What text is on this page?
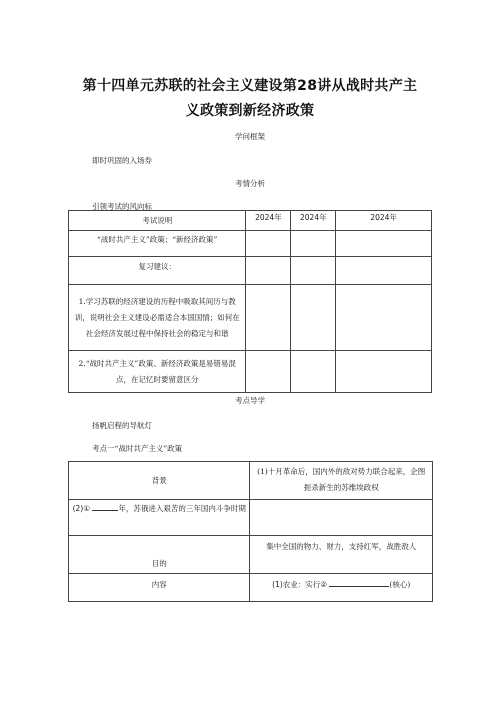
第十四单元苏联的社会主义建设第28讲从战时共产主
义政策到新经济政策
学问框架
即时巩固的入场券
考情分析
引领考试的风向标
考试说明	2024年	2024年	2024年
“战时共产主义”政策；“新经济政策”			
复习建议：			
1.学习苏联的经济建设的历程中吸取其间历与教训，说明社会主义建设必需适合本国国情；如何在社会经济发展过程中保持社会的稳定与和谐			
2.“战时共产主义”政策、新经济政策是易错易混点，在记忆时要留意区分			
考点导学
扬帆启程的导航灯
考点一“战时共产主义”政策
背景	(1)十月革命后，国内外的敌对势力联合起来，企图扼杀新生的苏维埃政权
(2)① 年，苏俄进入艰苦的三年国内斗争时期	
目的	集中全国的物力、财力，支持红军，战胜敌人
内容	(1)农业：实行② (核心)
